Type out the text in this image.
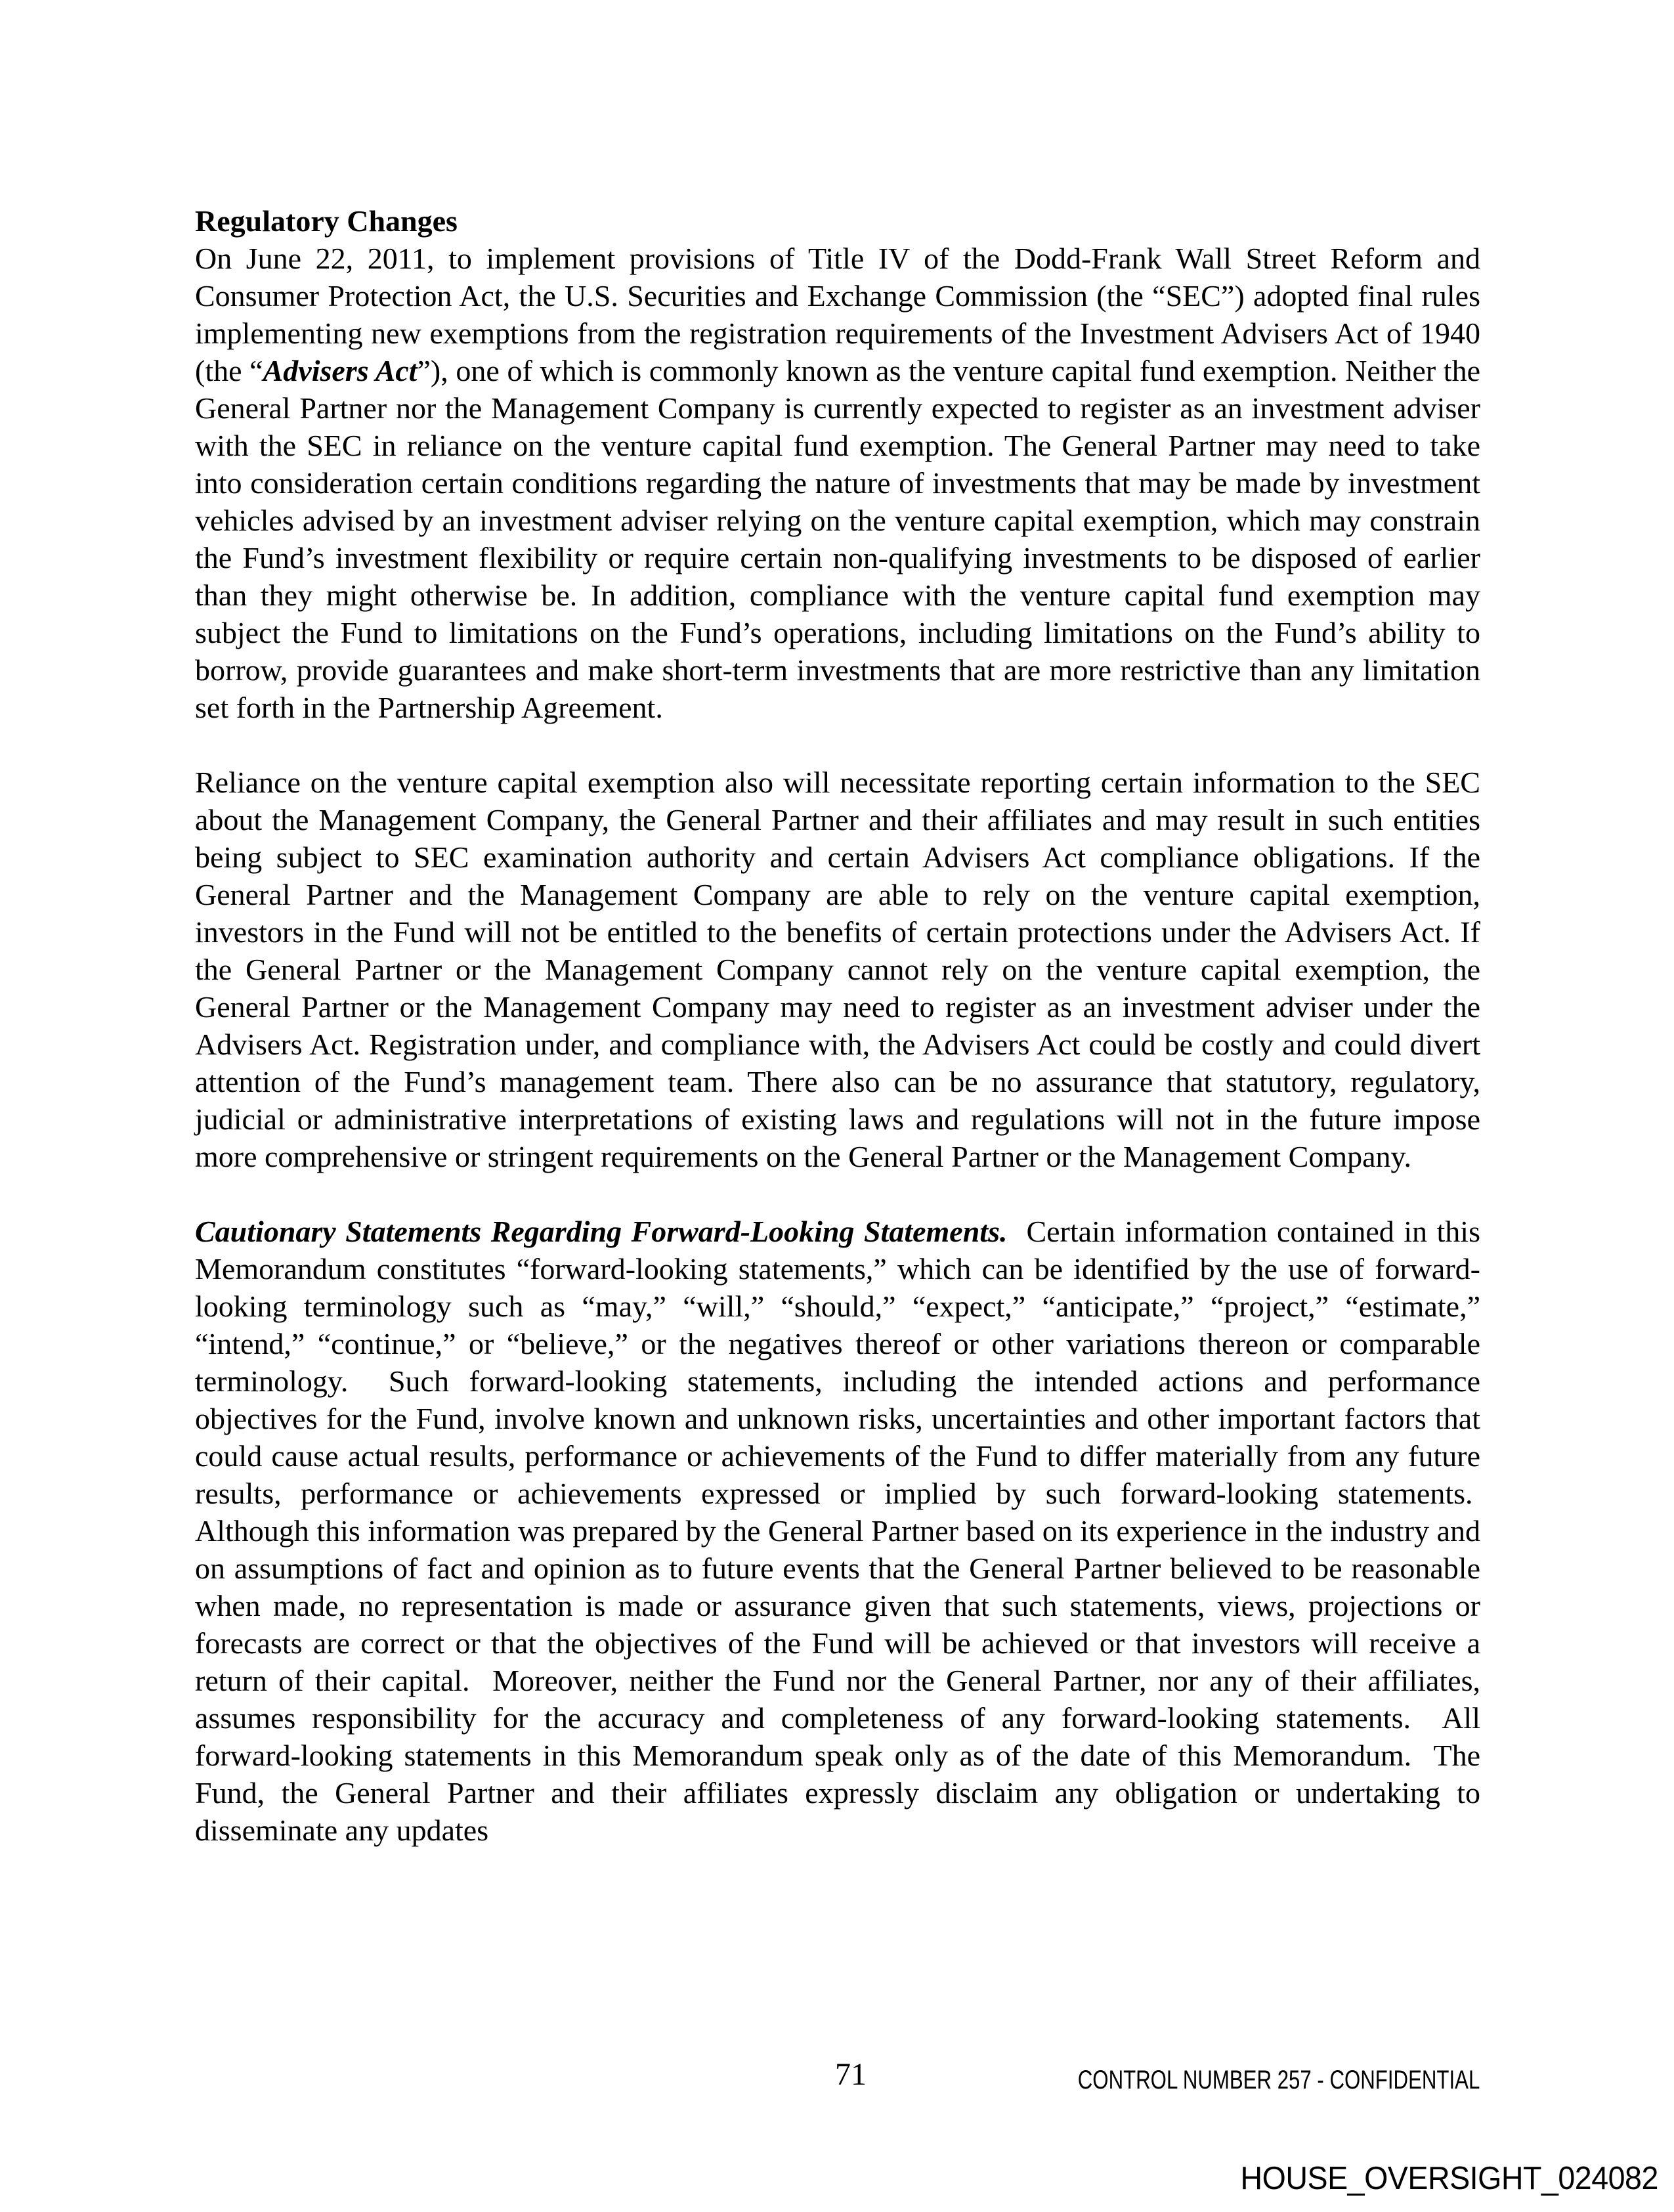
Regulatory Changes

On June 22, 2011, to implement provisions of Title IV of the Dodd-Frank Wall Street Reform and Consumer Protection Act, the U.S. Securities and Exchange Commission (the “SEC”) adopted final rules implementing new exemptions from the registration requirements of the Investment Advisers Act of 1940 (the “Advisers Act”), one of which is commonly known as the venture capital fund exemption. Neither the General Partner nor the Management Company is currently expected to register as an investment adviser with the SEC in reliance on the venture capital fund exemption. The General Partner may need to take into consideration certain conditions regarding the nature of investments that may be made by investment vehicles advised by an investment adviser relying on the venture capital exemption, which may constrain the Fund’s investment flexibility or require certain non-qualifying investments to be disposed of earlier than they might otherwise be. In addition, compliance with the venture capital fund exemption may subject the Fund to limitations on the Fund’s operations, including limitations on the Fund’s ability to borrow, provide guarantees and make short-term investments that are more restrictive than any limitation set forth in the Partnership Agreement.

Reliance on the venture capital exemption also will necessitate reporting certain information to the SEC about the Management Company, the General Partner and their affiliates and may result in such entities being subject to SEC examination authority and certain Advisers Act compliance obligations. If the General Partner and the Management Company are able to rely on the venture capital exemption, investors in the Fund will not be entitled to the benefits of certain protections under the Advisers Act. If the General Partner or the Management Company cannot rely on the venture capital exemption, the General Partner or the Management Company may need to register as an investment adviser under the Advisers Act. Registration under, and compliance with, the Advisers Act could be costly and could divert attention of the Fund’s management team. There also can be no assurance that statutory, regulatory, judicial or administrative interpretations of existing laws and regulations will not in the future impose more comprehensive or stringent requirements on the General Partner or the Management Company.

Cautionary Statements Regarding Forward-Looking Statements.  Certain information contained in this Memorandum constitutes “forward-looking statements,” which can be identified by the use of forward-looking terminology such as “may,” “will,” “should,” “expect,” “anticipate,” “project,” “estimate,” “intend,” “continue,” or “believe,” or the negatives thereof or other variations thereon or comparable terminology.  Such forward-looking statements, including the intended actions and performance objectives for the Fund, involve known and unknown risks, uncertainties and other important factors that could cause actual results, performance or achievements of the Fund to differ materially from any future results, performance or achievements expressed or implied by such forward-looking statements.  Although this information was prepared by the General Partner based on its experience in the industry and on assumptions of fact and opinion as to future events that the General Partner believed to be reasonable when made, no representation is made or assurance given that such statements, views, projections or forecasts are correct or that the objectives of the Fund will be achieved or that investors will receive a return of their capital.  Moreover, neither the Fund nor the General Partner, nor any of their affiliates, assumes responsibility for the accuracy and completeness of any forward-looking statements.  All forward-looking statements in this Memorandum speak only as of the date of this Memorandum.  The Fund, the General Partner and their affiliates expressly disclaim any obligation or undertaking to disseminate any updates

71	CONTROL NUMBER 257 - CONFIDENTIAL
HOUSE_OVERSIGHT_024082
